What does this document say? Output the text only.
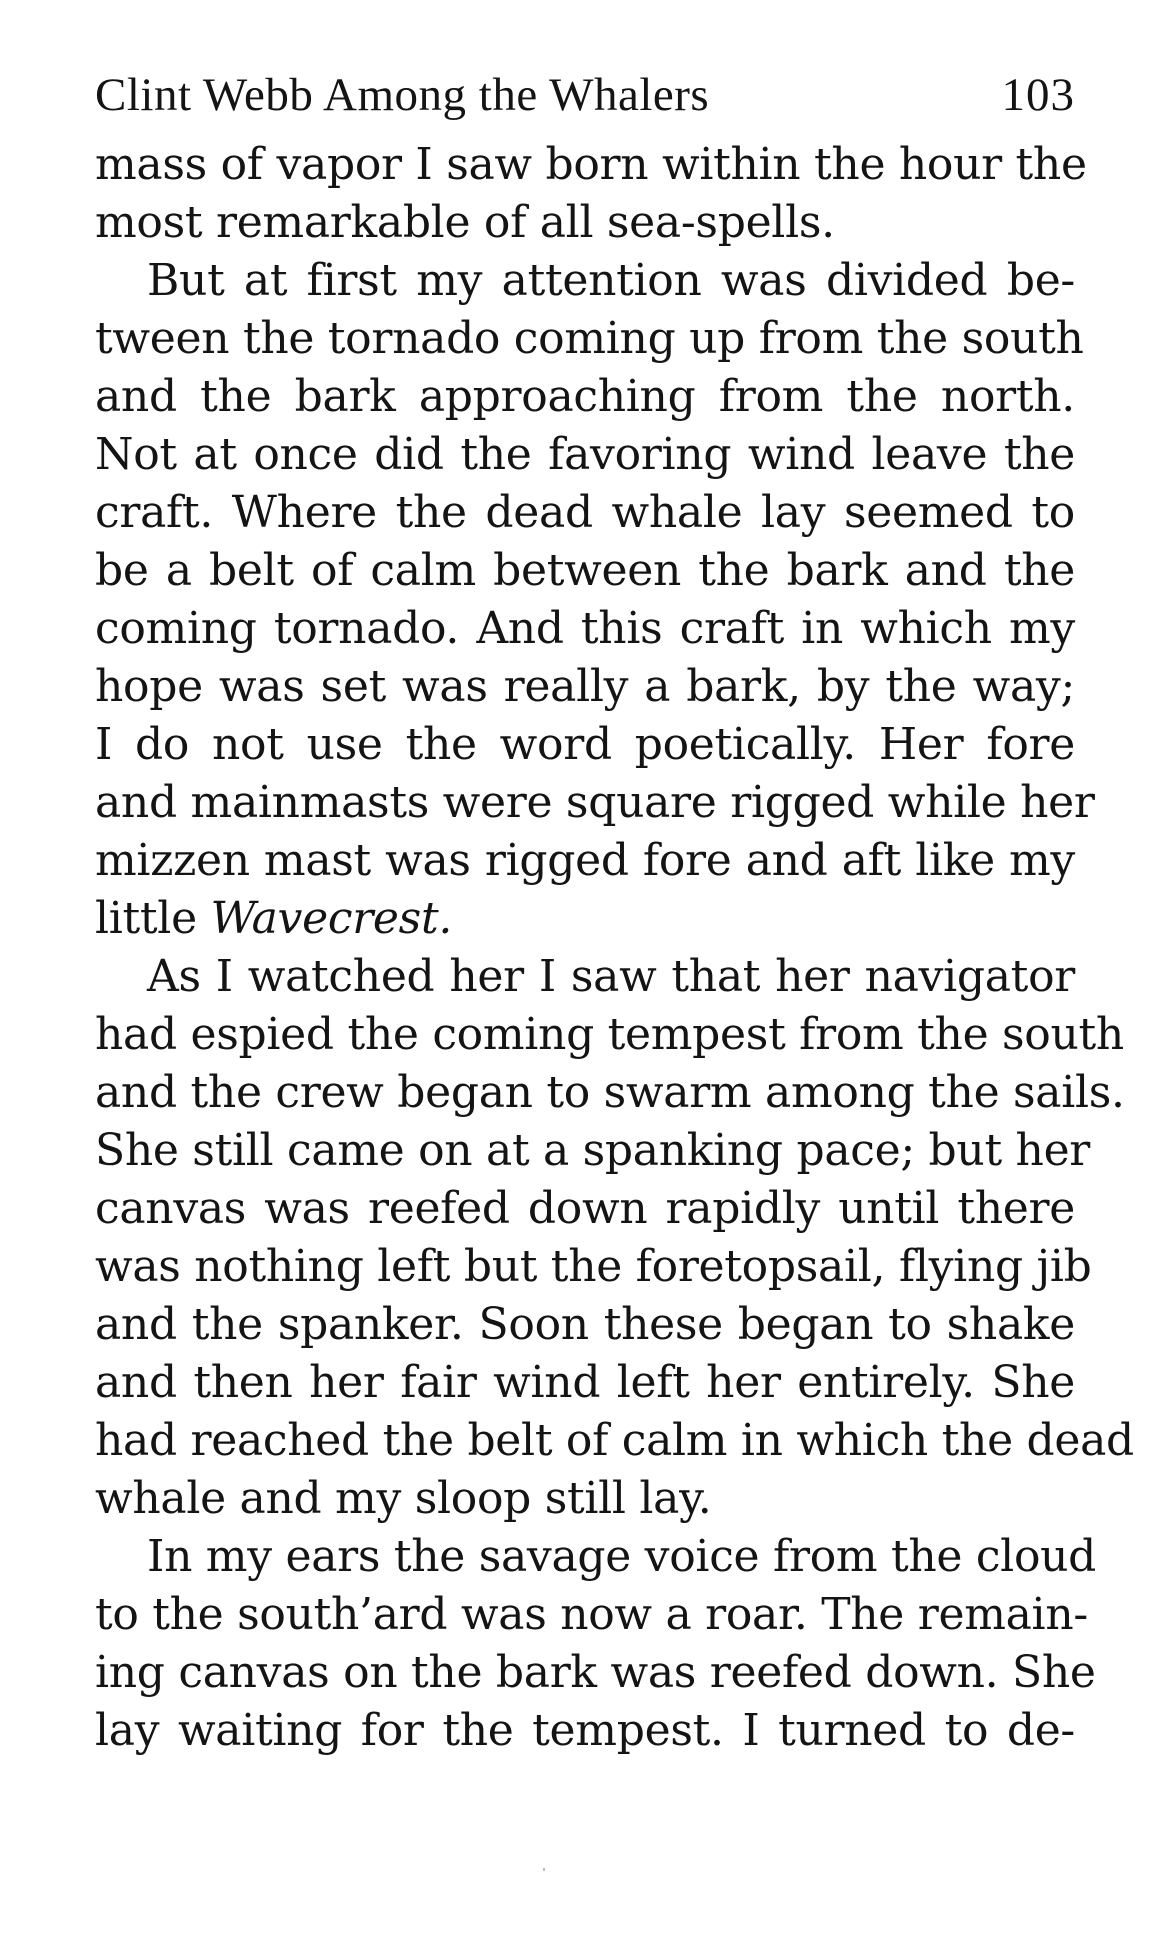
Clint Webb Among the Whalers	103
mass of vapor I saw born within the hour the
most remarkable of all sea-spells.
But at first my attention was divided be-
tween the tornado coming up from the south
and the bark approaching from the north.
Not at once did the favoring wind leave the
craft. Where the dead whale lay seemed to
be a belt of calm between the bark and the
coming tornado. And this craft in which my
hope was set was really a bark, by the way;
I do not use the word poetically. Her fore
and mainmasts were square rigged while her
mizzen mast was rigged fore and aft like my
little Wavecrest.
As I watched her I saw that her navigator
had espied the coming tempest from the south
and the crew began to swarm among the sails.
She still came on at a spanking pace; but her
canvas was reefed down rapidly until there
was nothing left but the foretopsail, flying jib
and the spanker. Soon these began to shake
and then her fair wind left her entirely. She
had reached the belt of calm in which the dead
whale and my sloop still lay.
In my ears the savage voice from the cloud
to the south’ard was now a roar. The remain-
ing canvas on the bark was reefed down. She
lay waiting for the tempest. I turned to de-
